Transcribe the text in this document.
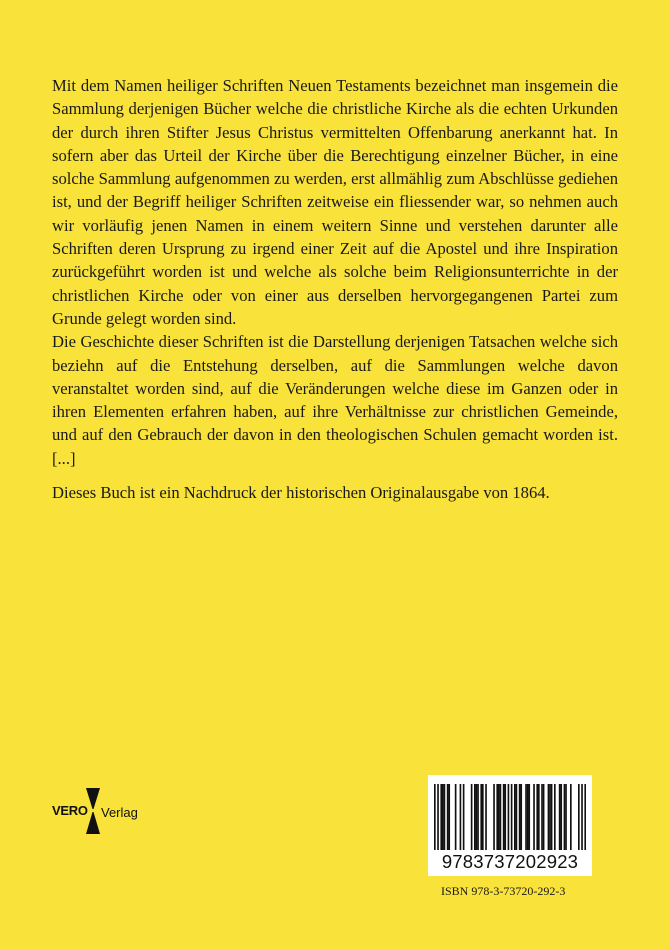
Mit dem Namen heiliger Schriften Neuen Testaments bezeichnet man insgemein die Sammlung derjenigen Bücher welche die christliche Kirche als die echten Urkunden der durch ihren Stifter Jesus Christus vermittelten Offenbarung anerkannt hat. In sofern aber das Urteil der Kirche über die Berechtigung einzelner Bücher, in eine solche Sammlung aufgenommen zu werden, erst allmählig zum Abschlüsse gediehen ist, und der Begriff heiliger Schriften zeitweise ein fliessender war, so nehmen auch wir vorläufig jenen Namen in einem weitern Sinne und verstehen darunter alle Schriften deren Ursprung zu irgend einer Zeit auf die Apostel und ihre Inspiration zurückgeführt worden ist und welche als solche beim Religionsunterrichte in der christlichen Kirche oder von einer aus derselben hervorgegangenen Partei zum Grunde gelegt worden sind.

Die Geschichte dieser Schriften ist die Darstellung derjenigen Tatsachen welche sich beziehn auf die Entstehung derselben, auf die Sammlungen welche davon veranstaltet worden sind, auf die Veränderungen welche diese im Ganzen oder in ihren Elementen erfahren haben, auf ihre Verhältnisse zur christlichen Gemeinde, und auf den Gebrauch der davon in den theologischen Schulen gemacht worden ist. [...]

Dieses Buch ist ein Nachdruck der historischen Originalausgabe von 1864.

VERO Verlag
9783737202923

ISBN 978-3-73720-292-3
